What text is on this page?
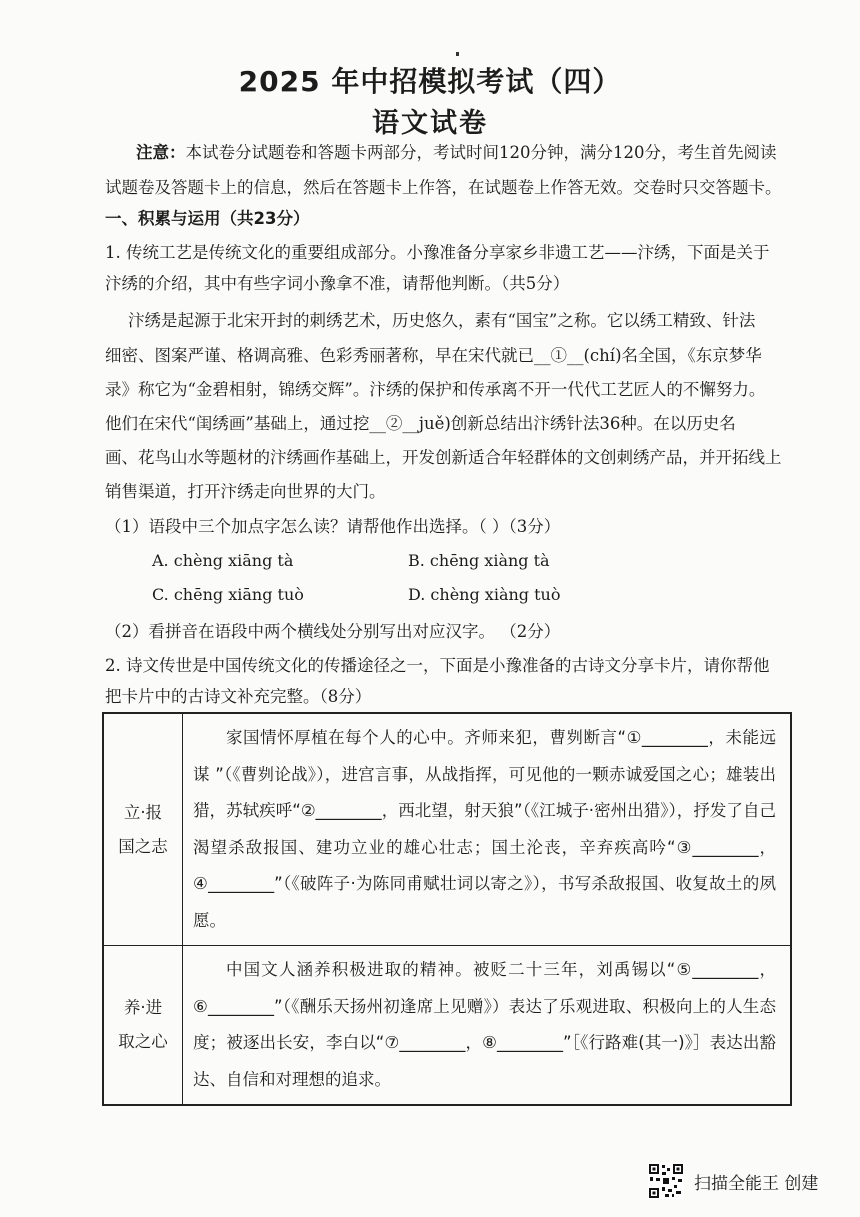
2025 年中招模拟考试（四）
语文试卷
注意：本试卷分试题卷和答题卡两部分，考试时间120分钟，满分120分，考生首先阅读
试题卷及答题卡上的信息，然后在答题卡上作答，在试题卷上作答无效。交卷时只交答题卡。
一、积累与运用（共23分）
1. 传统工艺是传统文化的重要组成部分。小豫准备分享家乡非遗工艺——汴绣，下面是关于
汴绣的介绍，其中有些字词小豫拿不准，请帮他判断。（共5分）
汴绣是起源于北宋开封的刺绣艺术，历史悠久，素有“国宝”之称。它以绣工精致、针法
细密、图案严谨、格调高雅、色彩秀丽著称，早在宋代就已__①__(chí)名全国，《东京梦华
录》称它为“金碧相射，锦绣交辉”。汴绣的保护和传承离不开一代代工艺匠人的不懈努力。
他们在宋代“闺绣画”基础上，通过挖__②__juě)创新总结出汴绣针法36种。在以历史名
画、花鸟山水等题材的汴绣画作基础上，开发创新适合年轻群体的文创刺绣产品，并开拓线上
销售渠道，打开汴绣走向世界的大门。
（1）语段中三个加点字怎么读？请帮他作出选择。（ ）（3分）
A. chèng xiāng tà	B. chēng xiàng tà
C. chēng xiāng tuò	D. chèng xiàng tuò
（2）看拼音在语段中两个横线处分别写出对应汉字。 （2分）
2. 诗文传世是中国传统文化的传播途径之一，下面是小豫准备的古诗文分享卡片，请你帮他
把卡片中的古诗文补充完整。（8分）
立·报
国之志	家国情怀厚植在每个人的心中。齐师来犯，曹刿断言“①________，未能远谋 ”（《曹刿论战》），进宫言事，从战指挥，可见他的一颗赤诚爱国之心；雄装出猎，苏轼疾呼“②________，西北望，射天狼”（《江城子·密州出猎》），抒发了自己渴望杀敌报国、建功立业的雄心壮志；国土沦丧，辛弃疾高吟“③________，④________”（《破阵子·为陈同甫赋壮词以寄之》），书写杀敌报国、收复故土的夙愿。

养·进
取之心	中国文人涵养积极进取的精神。被贬二十三年，刘禹锡以“⑤________，⑥________”（《酬乐天扬州初逢席上见赠》）表达了乐观进取、积极向上的人生态度；被逐出长安，李白以“⑦________，⑧________”［《行路难(其一)》］表达出豁达、自信和对理想的追求。

扫描全能王 创建
